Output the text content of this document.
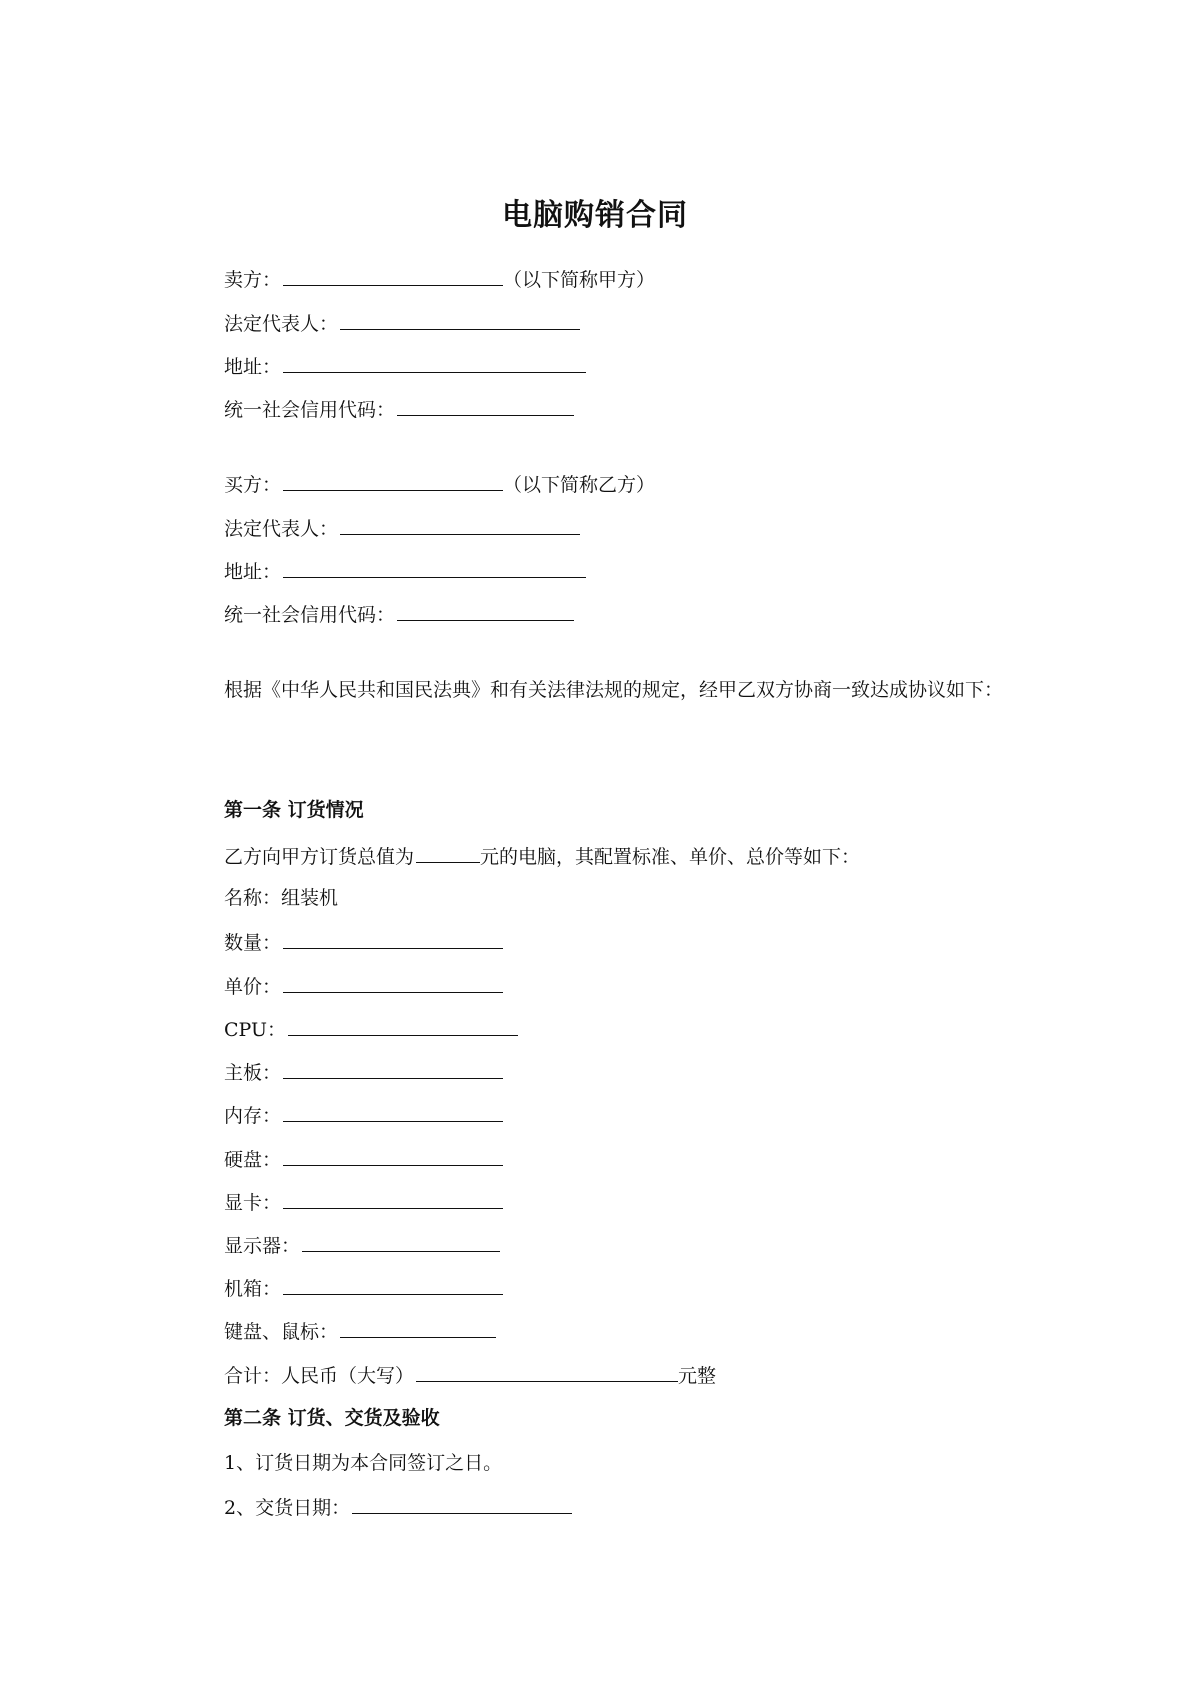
电脑购销合同
卖方：	（以下简称甲方）
法定代表人：
地址：
统一社会信用代码：
买方：	（以下简称乙方）
法定代表人：
地址：
统一社会信用代码：
根据《中华人民共和国民法典》和有关法律法规的规定，经甲乙双方协商一致达成协议如下：
第一条 订货情况
乙方向甲方订货总值为	元的电脑，其配置标准、单价、总价等如下：
名称：组装机
数量：
单价：
CPU：
主板：
内存：
硬盘：
显卡：
显示器：
机箱：
键盘、鼠标：
合计：人民币（大写）	元整
第二条 订货、交货及验收
1、订货日期为本合同签订之日。
2、交货日期：
